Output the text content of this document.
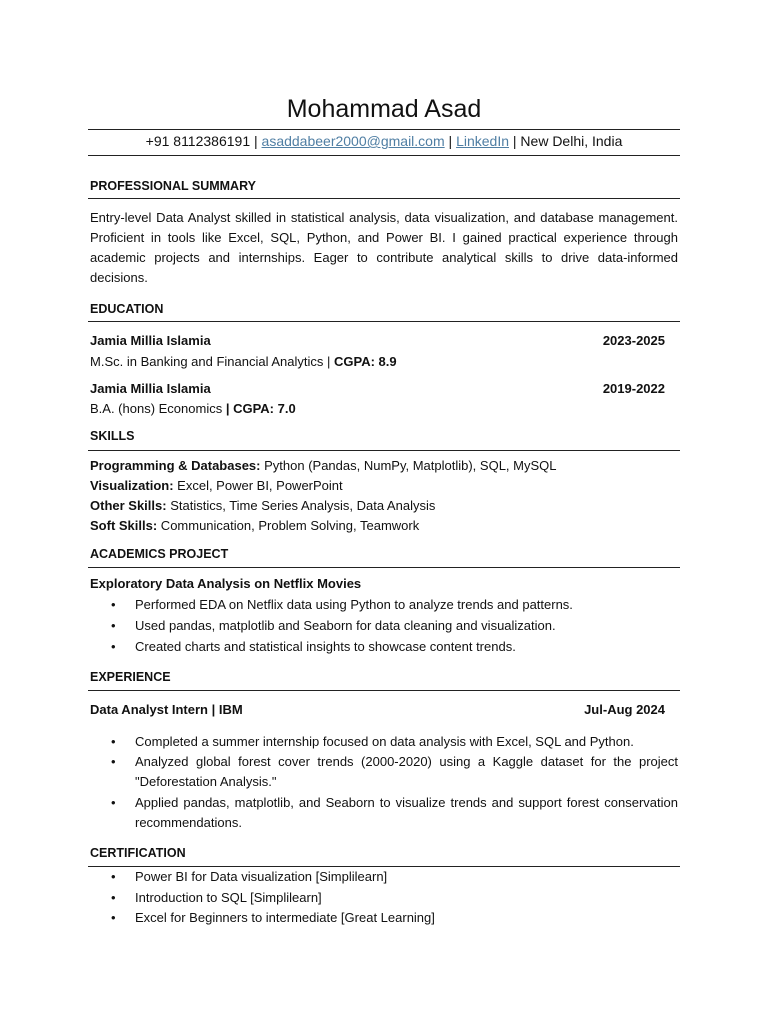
Mohammad Asad
+91 8112386191 | asaddabeer2000@gmail.com | LinkedIn | New Delhi, India
PROFESSIONAL SUMMARY
Entry-level Data Analyst skilled in statistical analysis, data visualization, and database management. Proficient in tools like Excel, SQL, Python, and Power BI. I gained practical experience through academic projects and internships. Eager to contribute analytical skills to drive data-informed decisions.
EDUCATION
Jamia Millia Islamia	2023-2025
M.Sc. in Banking and Financial Analytics | CGPA: 8.9
Jamia Millia Islamia	2019-2022
B.A. (hons) Economics | CGPA: 7.0
SKILLS
Programming & Databases: Python (Pandas, NumPy, Matplotlib), SQL, MySQL
Visualization: Excel, Power BI, PowerPoint
Other Skills: Statistics, Time Series Analysis, Data Analysis
Soft Skills: Communication, Problem Solving, Teamwork
ACADEMICS PROJECT
Exploratory Data Analysis on Netflix Movies
• Performed EDA on Netflix data using Python to analyze trends and patterns.
• Used pandas, matplotlib and Seaborn for data cleaning and visualization.
• Created charts and statistical insights to showcase content trends.
EXPERIENCE
Data Analyst Intern | IBM	Jul-Aug 2024
• Completed a summer internship focused on data analysis with Excel, SQL and Python.
• Analyzed global forest cover trends (2000-2020) using a Kaggle dataset for the project "Deforestation Analysis."
• Applied pandas, matplotlib, and Seaborn to visualize trends and support forest conservation recommendations.
CERTIFICATION
• Power BI for Data visualization [Simplilearn]
• Introduction to SQL [Simplilearn]
• Excel for Beginners to intermediate [Great Learning]
